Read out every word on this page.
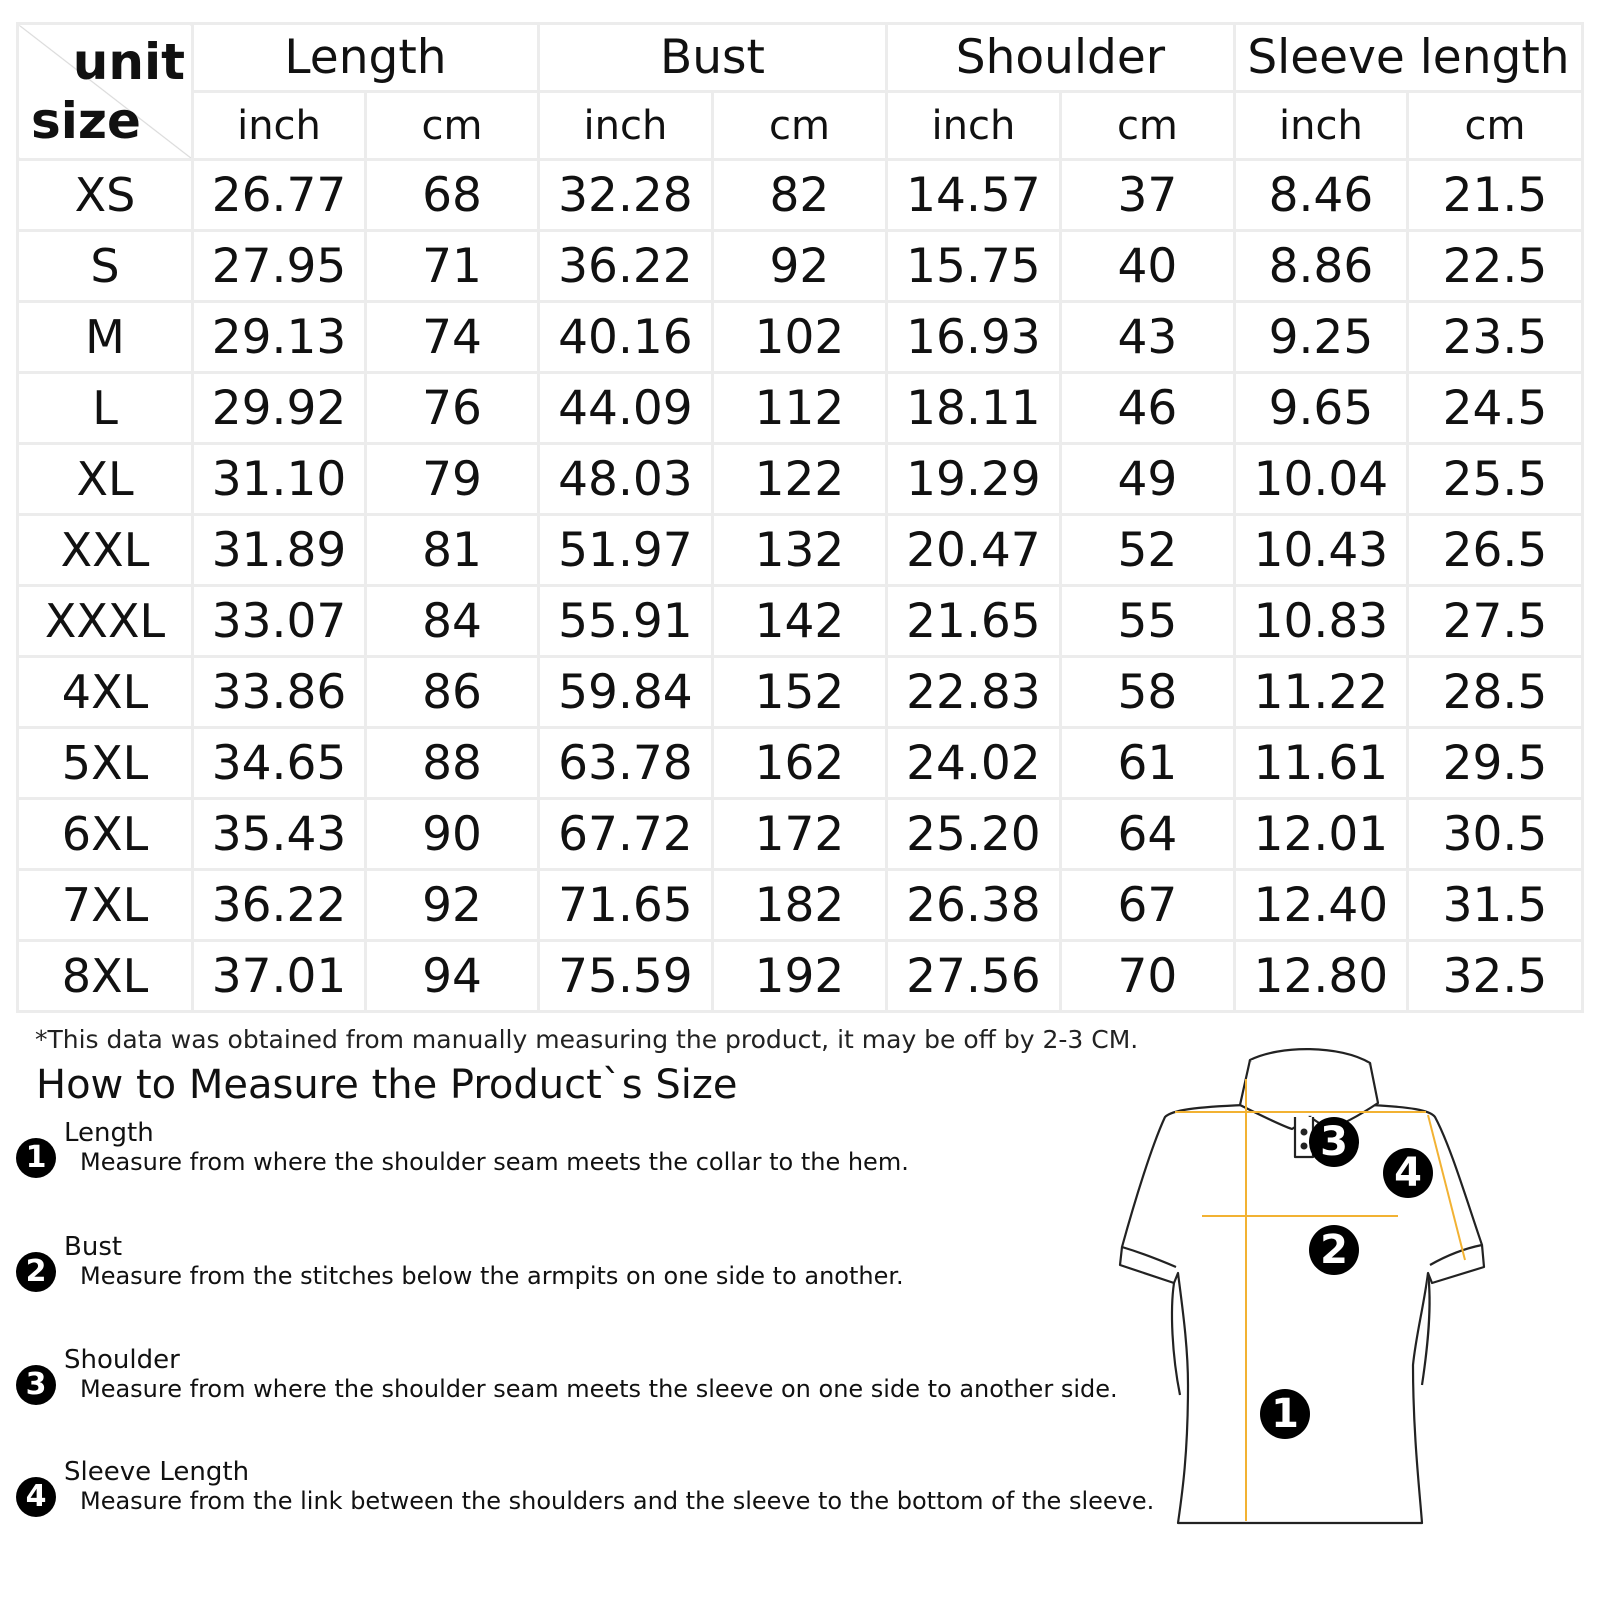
unit
size	Length		Bust		Shoulder		Sleeve length	
	inch	cm	inch	cm	inch	cm	inch	cm
XS	26.77	68	32.28	82	14.57	37	8.46	21.5
S	27.95	71	36.22	92	15.75	40	8.86	22.5
M	29.13	74	40.16	102	16.93	43	9.25	23.5
L	29.92	76	44.09	112	18.11	46	9.65	24.5
XL	31.10	79	48.03	122	19.29	49	10.04	25.5
XXL	31.89	81	51.97	132	20.47	52	10.43	26.5
XXXL	33.07	84	55.91	142	21.65	55	10.83	27.5
4XL	33.86	86	59.84	152	22.83	58	11.22	28.5
5XL	34.65	88	63.78	162	24.02	61	11.61	29.5
6XL	35.43	90	67.72	172	25.20	64	12.01	30.5
7XL	36.22	92	71.65	182	26.38	67	12.40	31.5
8XL	37.01	94	75.59	192	27.56	70	12.80	32.5
*This data was obtained from manually measuring the product, it may be off by 2-3 CM.
How to Measure the Product`s Size
1
Length
Measure from where the shoulder seam meets the collar to the hem.
2
Bust
Measure from the stitches below the armpits on one side to another.
3
Shoulder
Measure from where the shoulder seam meets the sleeve on one side to another side.
4
Sleeve Length
Measure from the link between the shoulders and the sleeve to the bottom of the sleeve.
3
4
2
1
